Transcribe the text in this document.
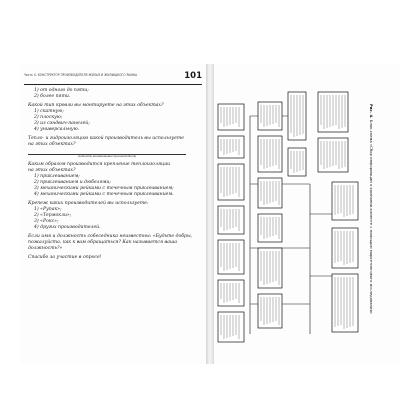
Часть II. КОНСТРУКТОР ПРОИЗВОДИТЕЛЯ ЖИЛЬЯ И ЖИЛИЩНОГО РЫНКА	101
1) от одного до пяти;
2) более пяти.
Какой тип кровли вы монтируете на этих объектах?
1) скатную;
2) плоскую;
3) из сэндвич-панелей;
4) универсальную.
Тепло- и гидроизоляцию какой производитель вы используете
на этих объектах?
(записать наименование производителя)
Каким образом производится крепление теплоизоляции
на этих объектах?
1) приклеиванием;
2) приклеиванием и дюбелями;
3) механическими рейками с точечным приклеиванием;
4) механическими рейками с точечным приклеиванием.
Крепеж каких производителей вы используете:
1) «Рупак»;
2) «Термокли»;
3) «Рокс»;
4) других производителей.
Если имя и должность собеседника неизвестны: «Будьте добры, пожалуйста, как к вам обращаться? Как называется ваша должность?»
Спасибо за участие в опросе!
Рис. 4. Блок-схема «Сбор информации о компании-клиенте с помощью маркетингового исследования»
